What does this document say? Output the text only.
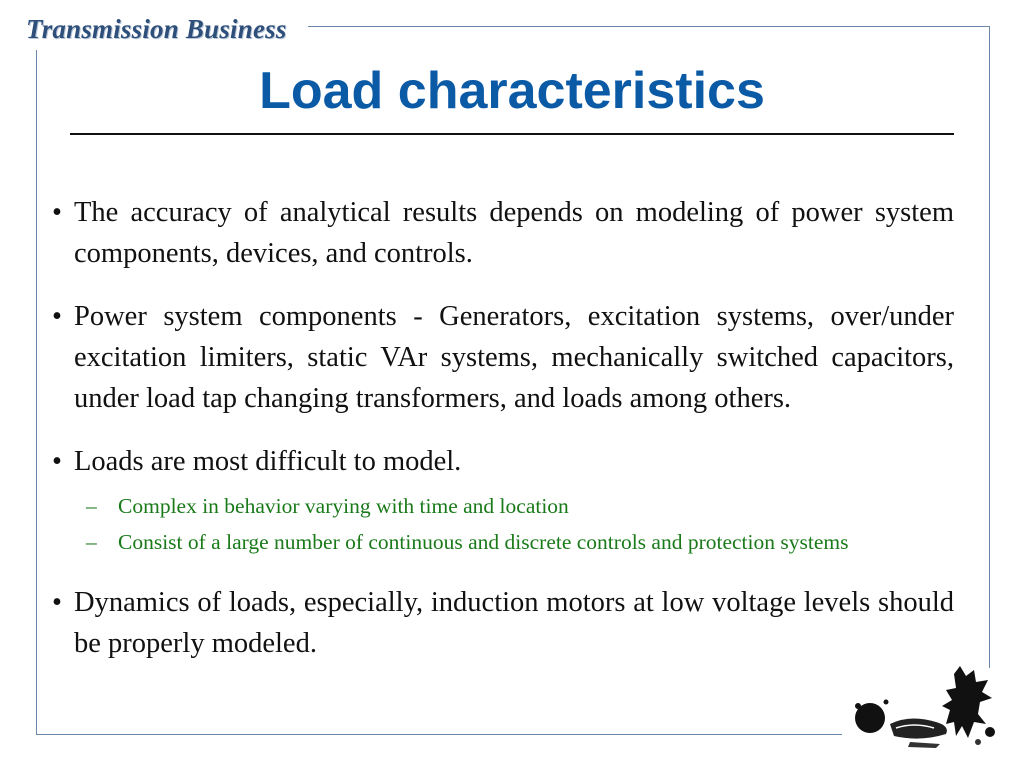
Transmission Business
Load characteristics
• The accuracy of analytical results depends on modeling of power system components, devices, and controls.
• Power system components - Generators, excitation systems, over/under excitation limiters, static VAr systems, mechanically switched capacitors, under load tap changing transformers, and loads among others.
• Loads are most difficult to model.
– Complex in behavior varying with time and location
– Consist of a large number of continuous and discrete controls and protection systems
• Dynamics of loads, especially, induction motors at low voltage levels should be properly modeled.
